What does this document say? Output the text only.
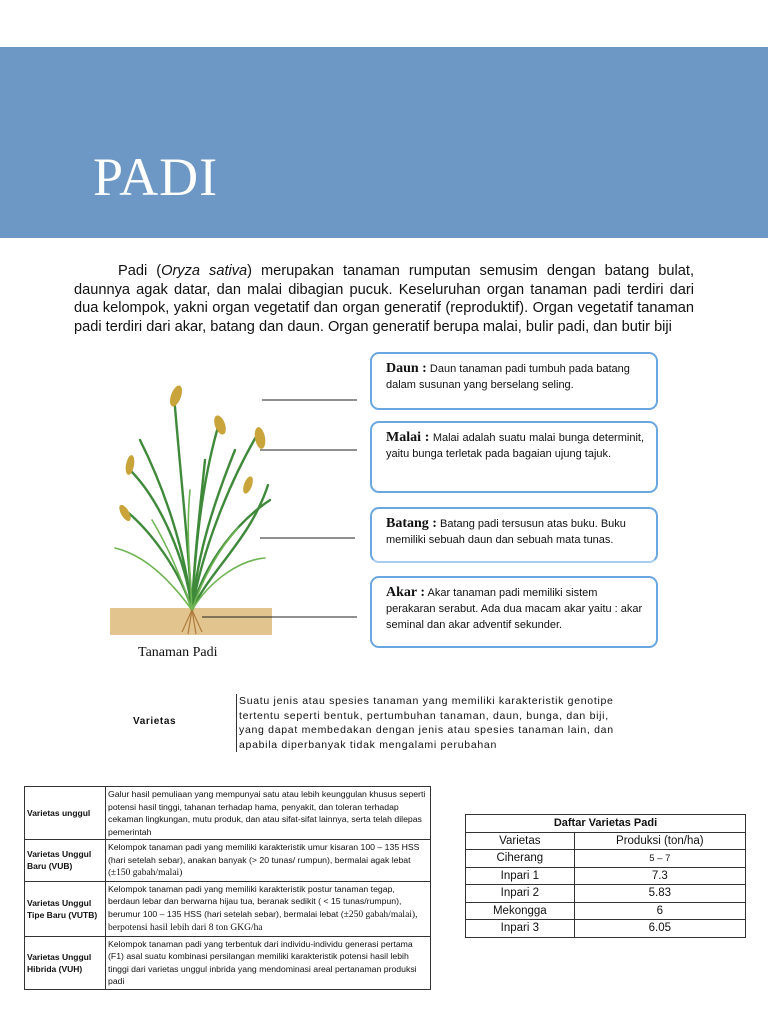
PADI

Padi (Oryza sativa) merupakan tanaman rumputan semusim dengan batang bulat, daunnya agak datar, dan malai dibagian pucuk. Keseluruhan organ tanaman padi terdiri dari dua kelompok, yakni organ vegetatif dan organ generatif (reproduktif). Organ vegetatif tanaman padi terdiri dari akar, batang dan daun. Organ generatif berupa malai, bulir padi, dan butir biji

Tanaman Padi
Daun : Daun tanaman padi tumbuh pada batang dalam susunan yang berselang seling.
Malai : Malai adalah suatu malai bunga determinit, yaitu bunga terletak pada bagaian ujung tajuk.
Batang : Batang padi tersusun atas buku. Buku memiliki sebuah daun dan sebuah mata tunas.
Akar : Akar tanaman padi memiliki sistem perakaran serabut. Ada dua macam akar yaitu : akar seminal dan akar adventif sekunder.
Varietas
Suatu jenis atau spesies tanaman yang memiliki karakteristik genotipe tertentu seperti bentuk, pertumbuhan tanaman, daun, bunga, dan biji, yang dapat membedakan dengan jenis atau spesies tanaman lain, dan apabila diperbanyak tidak mengalami perubahan
Varietas unggul	Galur hasil pemuliaan yang mempunyai satu atau lebih keunggulan khusus seperti potensi hasil tinggi, tahanan terhadap hama, penyakit, dan toleran terhadap cekaman lingkungan, mutu produk, dan atau sifat-sifat lainnya, serta telah dilepas pemerintah
Varietas Unggul Baru (VUB)	Kelompok tanaman padi yang memiliki karakteristik umur kisaran 100 – 135 HSS (hari setelah sebar), anakan banyak (> 20 tunas/ rumpun), bermalai agak lebat (±150 gabah/malai)
Varietas Unggul Tipe Baru (VUTB)	Kelompok tanaman padi yang memiliki karakteristik postur tanaman tegap, berdaun lebar dan berwarna hijau tua, beranak sedikit ( < 15 tunas/rumpun), berumur 100 – 135 HSS (hari setelah sebar), bermalai lebat (±250 gabah/malai), berpotensi hasil lebih dari 8 ton GKG/ha
Varietas Unggul Hibrida (VUH)	Kelompok tanaman padi yang terbentuk dari individu-individu generasi pertama (F1) asal suatu kombinasi persilangan memiliki karakteristik potensi hasil lebih tinggi dari varietas unggul inbrida yang mendominasi areal pertanaman produksi padi
Daftar Varietas Padi	
Varietas	Produksi (ton/ha)
Ciherang	5 – 7
Inpari 1	7.3
Inpari 2	5.83
Mekongga	6
Inpari 3	6.05
